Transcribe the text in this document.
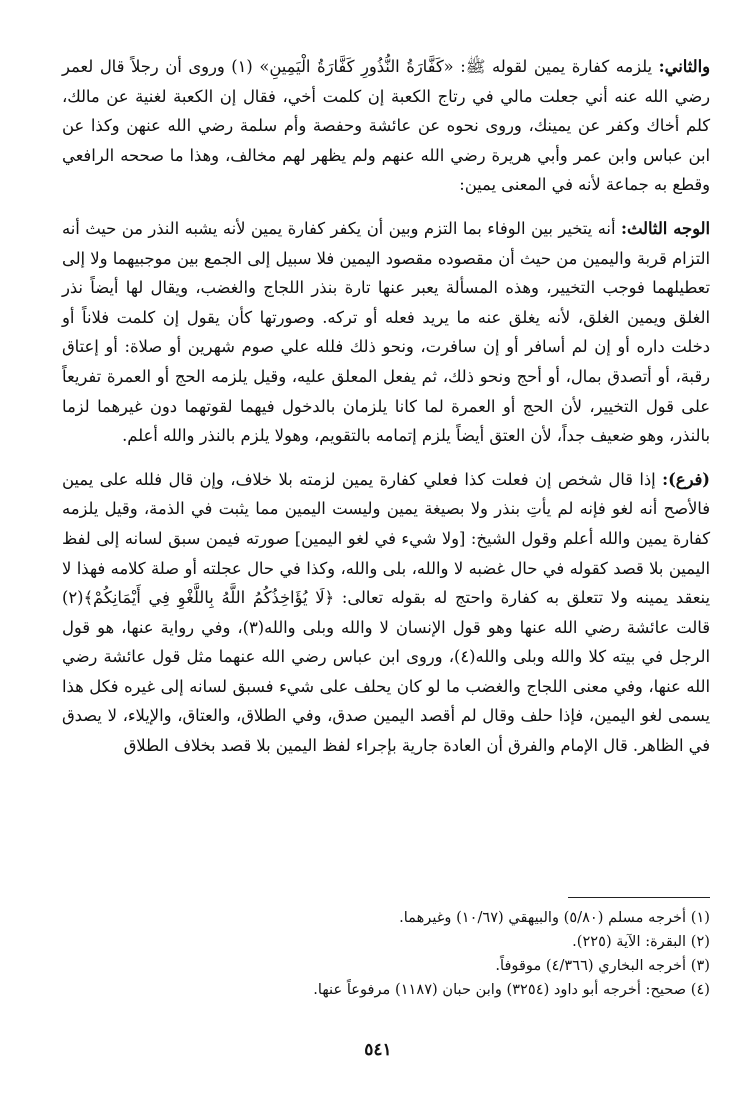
والثاني: يلزمه كفارة يمين لقوله ﷺ: «كَفَّارَةُ النُّذُورِ كَفَّارَةُ الْيَمِينِ» (١) وروى أن رجلاً قال لعمر رضي الله عنه أني جعلت مالي في رتاج الكعبة إن كلمت أخي، فقال إن الكعبة لغنية عن مالك، كلم أخاك وكفر عن يمينك، وروى نحوه عن عائشة وحفصة وأم سلمة رضي الله عنهن وكذا عن ابن عباس وابن عمر وأبي هريرة رضي الله عنهم ولم يظهر لهم مخالف، وهذا ما صححه الرافعي وقطع به جماعة لأنه في المعنى يمين:

الوجه الثالث: أنه يتخير بين الوفاء بما التزم وبين أن يكفر كفارة يمين لأنه يشبه النذر من حيث أنه التزام قربة واليمين من حيث أن مقصوده مقصود اليمين فلا سبيل إلى الجمع بين موجبيهما ولا إلى تعطيلهما فوجب التخيير، وهذه المسألة يعبر عنها تارة بنذر اللجاج والغضب، ويقال لها أيضاً نذر الغلق ويمين الغلق، لأنه يغلق عنه ما يريد فعله أو تركه. وصورتها كأن يقول إن كلمت فلاناً أو دخلت داره أو إن لم أسافر أو إن سافرت، ونحو ذلك فلله علي صوم شهرين أو صلاة: أو إعتاق رقبة، أو أتصدق بمال، أو أحج ونحو ذلك، ثم يفعل المعلق عليه، وقيل يلزمه الحج أو العمرة تفريعاً على قول التخيير، لأن الحج أو العمرة لما كانا يلزمان بالدخول فيهما لقوتهما دون غيرهما لزما بالنذر، وهو ضعيف جداً، لأن العتق أيضاً يلزم إتمامه بالتقويم، وهولا يلزم بالنذر والله أعلم.

(فرع): إذا قال شخص إن فعلت كذا فعلي كفارة يمين لزمته بلا خلاف، وإن قال فلله على يمين فالأصح أنه لغو فإنه لم يأتِ بنذر ولا بصيغة يمين وليست اليمين مما يثبت في الذمة، وقيل يلزمه كفارة يمين والله أعلم وقول الشيخ: [ولا شيء في لغو اليمين] صورته فيمن سبق لسانه إلى لفظ اليمين بلا قصد كقوله في حال غضبه لا والله، بلى والله، وكذا في حال عجلته أو صلة كلامه فهذا لا ينعقد يمينه ولا تتعلق به كفارة واحتج له بقوله تعالى: ﴿لَا يُؤَاخِذُكُمُ اللَّهُ بِاللَّغْوِ فِي أَيْمَانِكُمْ﴾(٢) قالت عائشة رضي الله عنها وهو قول الإنسان لا والله وبلى والله(٣)، وفي رواية عنها، هو قول الرجل في بيته كلا والله وبلى والله(٤)، وروى ابن عباس رضي الله عنهما مثل قول عائشة رضي الله عنها، وفي معنى اللجاج والغضب ما لو كان يحلف على شيء فسبق لسانه إلى غيره فكل هذا يسمى لغو اليمين، فإذا حلف وقال لم أقصد اليمين صدق، وفي الطلاق، والعتاق، والإيلاء، لا يصدق في الظاهر. قال الإمام والفرق أن العادة جارية بإجراء لفظ اليمين بلا قصد بخلاف الطلاق

(١) أخرجه مسلم (٥/٨٠) والبيهقي (١٠/٦٧) وغيرهما.

(٢) البقرة: الآية (٢٢٥).

(٣) أخرجه البخاري (٤/٣٦٦) موقوفاً.

(٤) صحيح: أخرجه أبو داود (٣٢٥٤) وابن حبان (١١٨٧) مرفوعاً عنها.

٥٤١
